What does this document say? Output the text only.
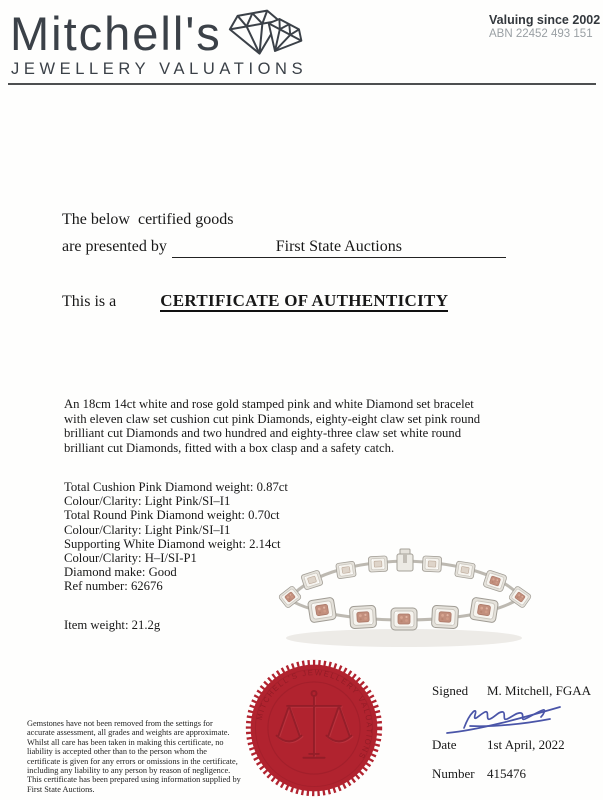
Mitchell's
JEWELLERY VALUATIONS
Valuing since 2002
ABN 22452 493 151
The below  certified goods
are presented by	First State Auctions
This is a	CERTIFICATE OF AUTHENTICITY
An 18cm 14ct white and rose gold stamped pink and white Diamond set bracelet with eleven claw set cushion cut pink Diamonds, eighty-eight claw set pink round brilliant cut Diamonds and two hundred and eighty-three claw set white round brilliant cut Diamonds, fitted with a box clasp and a safety catch.
Total Cushion Pink Diamond weight: 0.87ct
Colour/Clarity: Light Pink/SI–I1
Total Round Pink Diamond weight: 0.70ct
Colour/Clarity: Light Pink/SI–I1
Supporting White Diamond weight: 2.14ct
Colour/Clarity: H–I/SI-P1
Diamond make: Good
Ref number: 62676
Item weight: 21.2g
MITCHELL'S JEWELLERY VALUATIONS
Signed M. Mitchell, FGAA
Date 1st April, 2022
Number 415476
Gemstones have not been removed from the settings for accurate assessment, all grades and weights are approximate. Whilst all care has been taken in making this certificate, no liability is accepted other than to the person whom the certificate is given for any errors or omissions in the certificate, including any liability to any person by reason of negligence. This certificate has been prepared using information supplied by First State Auctions.
